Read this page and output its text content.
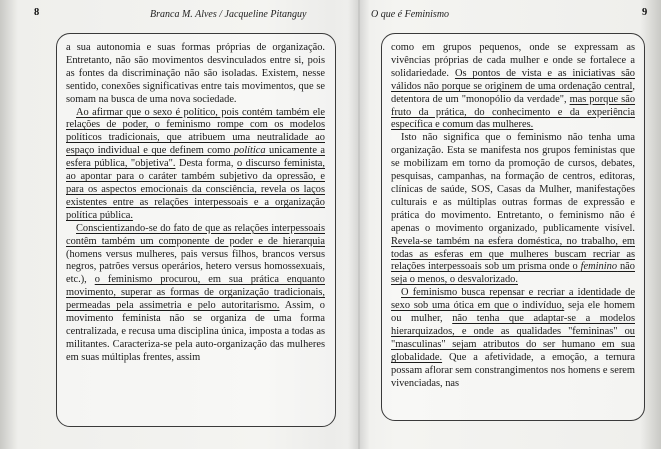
8	Branca M. Alves / Jacqueline Pitanguy

a sua autonomia e suas formas próprias de organização. Entretanto, não são movimentos desvinculados entre si, pois as fontes da discriminação não são isoladas. Existem, nesse sentido, conexões significativas entre tais movimentos, que se somam na busca de uma nova sociedade.

Ao afirmar que o sexo é político, pois contém também ele relações de poder, o feminismo rompe com os modelos políticos tradicionais, que atribuem uma neutralidade ao espaço individual e que definem como política unicamente a esfera pública, "objetiva". Desta forma, o discurso feminista, ao apontar para o caráter também subjetivo da opressão, e para os aspectos emocionais da consciência, revela os laços existentes entre as relações interpessoais e a organização política pública.

Conscientizando-se do fato de que as relações interpessoais contêm também um componente de poder e de hierarquia (homens versus mulheres, pais versus filhos, brancos versus negros, patrões versus operários, hetero versus homossexuais, etc.), o feminismo procurou, em sua prática enquanto movimento, superar as formas de organização tradicionais, permeadas pela assimetria e pelo autoritarismo. Assim, o movimento feminista não se organiza de uma forma centralizada, e recusa uma disciplina única, imposta a todas as militantes. Caracteriza-se pela auto-organização das mulheres em suas múltiplas frentes, assim

O que é Feminismo	9

como em grupos pequenos, onde se expressam as vivências próprias de cada mulher e onde se fortalece a solidariedade. Os pontos de vista e as iniciativas são válidos não porque se originem de uma ordenação central, detentora de um "monopólio da verdade", mas porque são fruto da prática, do conhecimento e da experiência específica e comum das mulheres.

Isto não significa que o feminismo não tenha uma organização. Esta se manifesta nos grupos feministas que se mobilizam em torno da promoção de cursos, debates, pesquisas, campanhas, na formação de centros, editoras, clínicas de saúde, SOS, Casas da Mulher, manifestações culturais e as múltiplas outras formas de expressão e prática do movimento. Entretanto, o feminismo não é apenas o movimento organizado, publicamente visível. Revela-se também na esfera doméstica, no trabalho, em todas as esferas em que mulheres buscam recriar as relações interpessoais sob um prisma onde o feminino não seja o menos, o desvalorizado.

O feminismo busca repensar e recriar a identidade de sexo sob uma ótica em que o indivíduo, seja ele homem ou mulher, não tenha que adaptar-se a modelos hierarquizados, e onde as qualidades "femininas" ou "masculinas" sejam atributos do ser humano em sua globalidade. Que a afetividade, a emoção, a ternura possam aflorar sem constrangimentos nos homens e serem vivenciadas, nas
